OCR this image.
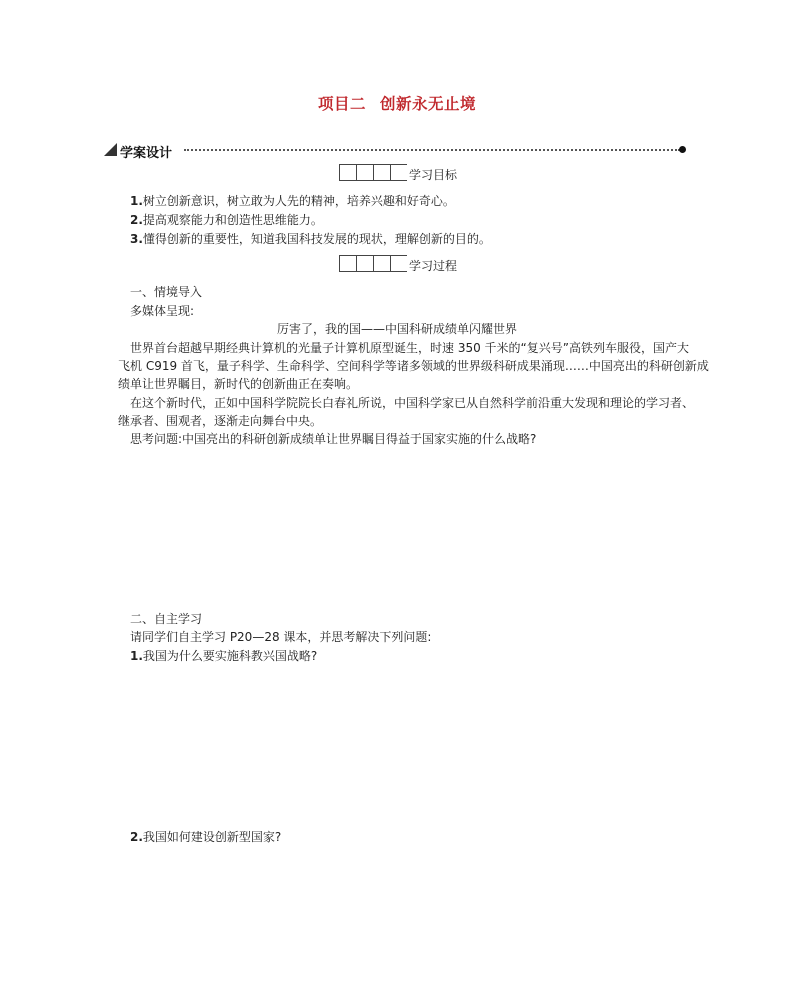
项目二 创新永无止境
学案设计
学习目标
1.树立创新意识，树立敢为人先的精神，培养兴趣和好奇心。
2.提高观察能力和创造性思维能力。
3.懂得创新的重要性，知道我国科技发展的现状，理解创新的目的。
学习过程
一、情境导入
多媒体呈现:
厉害了，我的国——中国科研成绩单闪耀世界
世界首台超越早期经典计算机的光量子计算机原型诞生，时速 350 千米的“复兴号”高铁列车服役，国产大
飞机 C919 首飞，量子科学、生命科学、空间科学等诸多领域的世界级科研成果涌现……中国亮出的科研创新成
绩单让世界瞩目，新时代的创新曲正在奏响。
在这个新时代，正如中国科学院院长白春礼所说，中国科学家已从自然科学前沿重大发现和理论的学习者、
继承者、围观者，逐渐走向舞台中央。
思考问题:中国亮出的科研创新成绩单让世界瞩目得益于国家实施的什么战略?
二、自主学习
请同学们自主学习 P20—28 课本，并思考解决下列问题:
1.我国为什么要实施科教兴国战略?
2.我国如何建设创新型国家?
